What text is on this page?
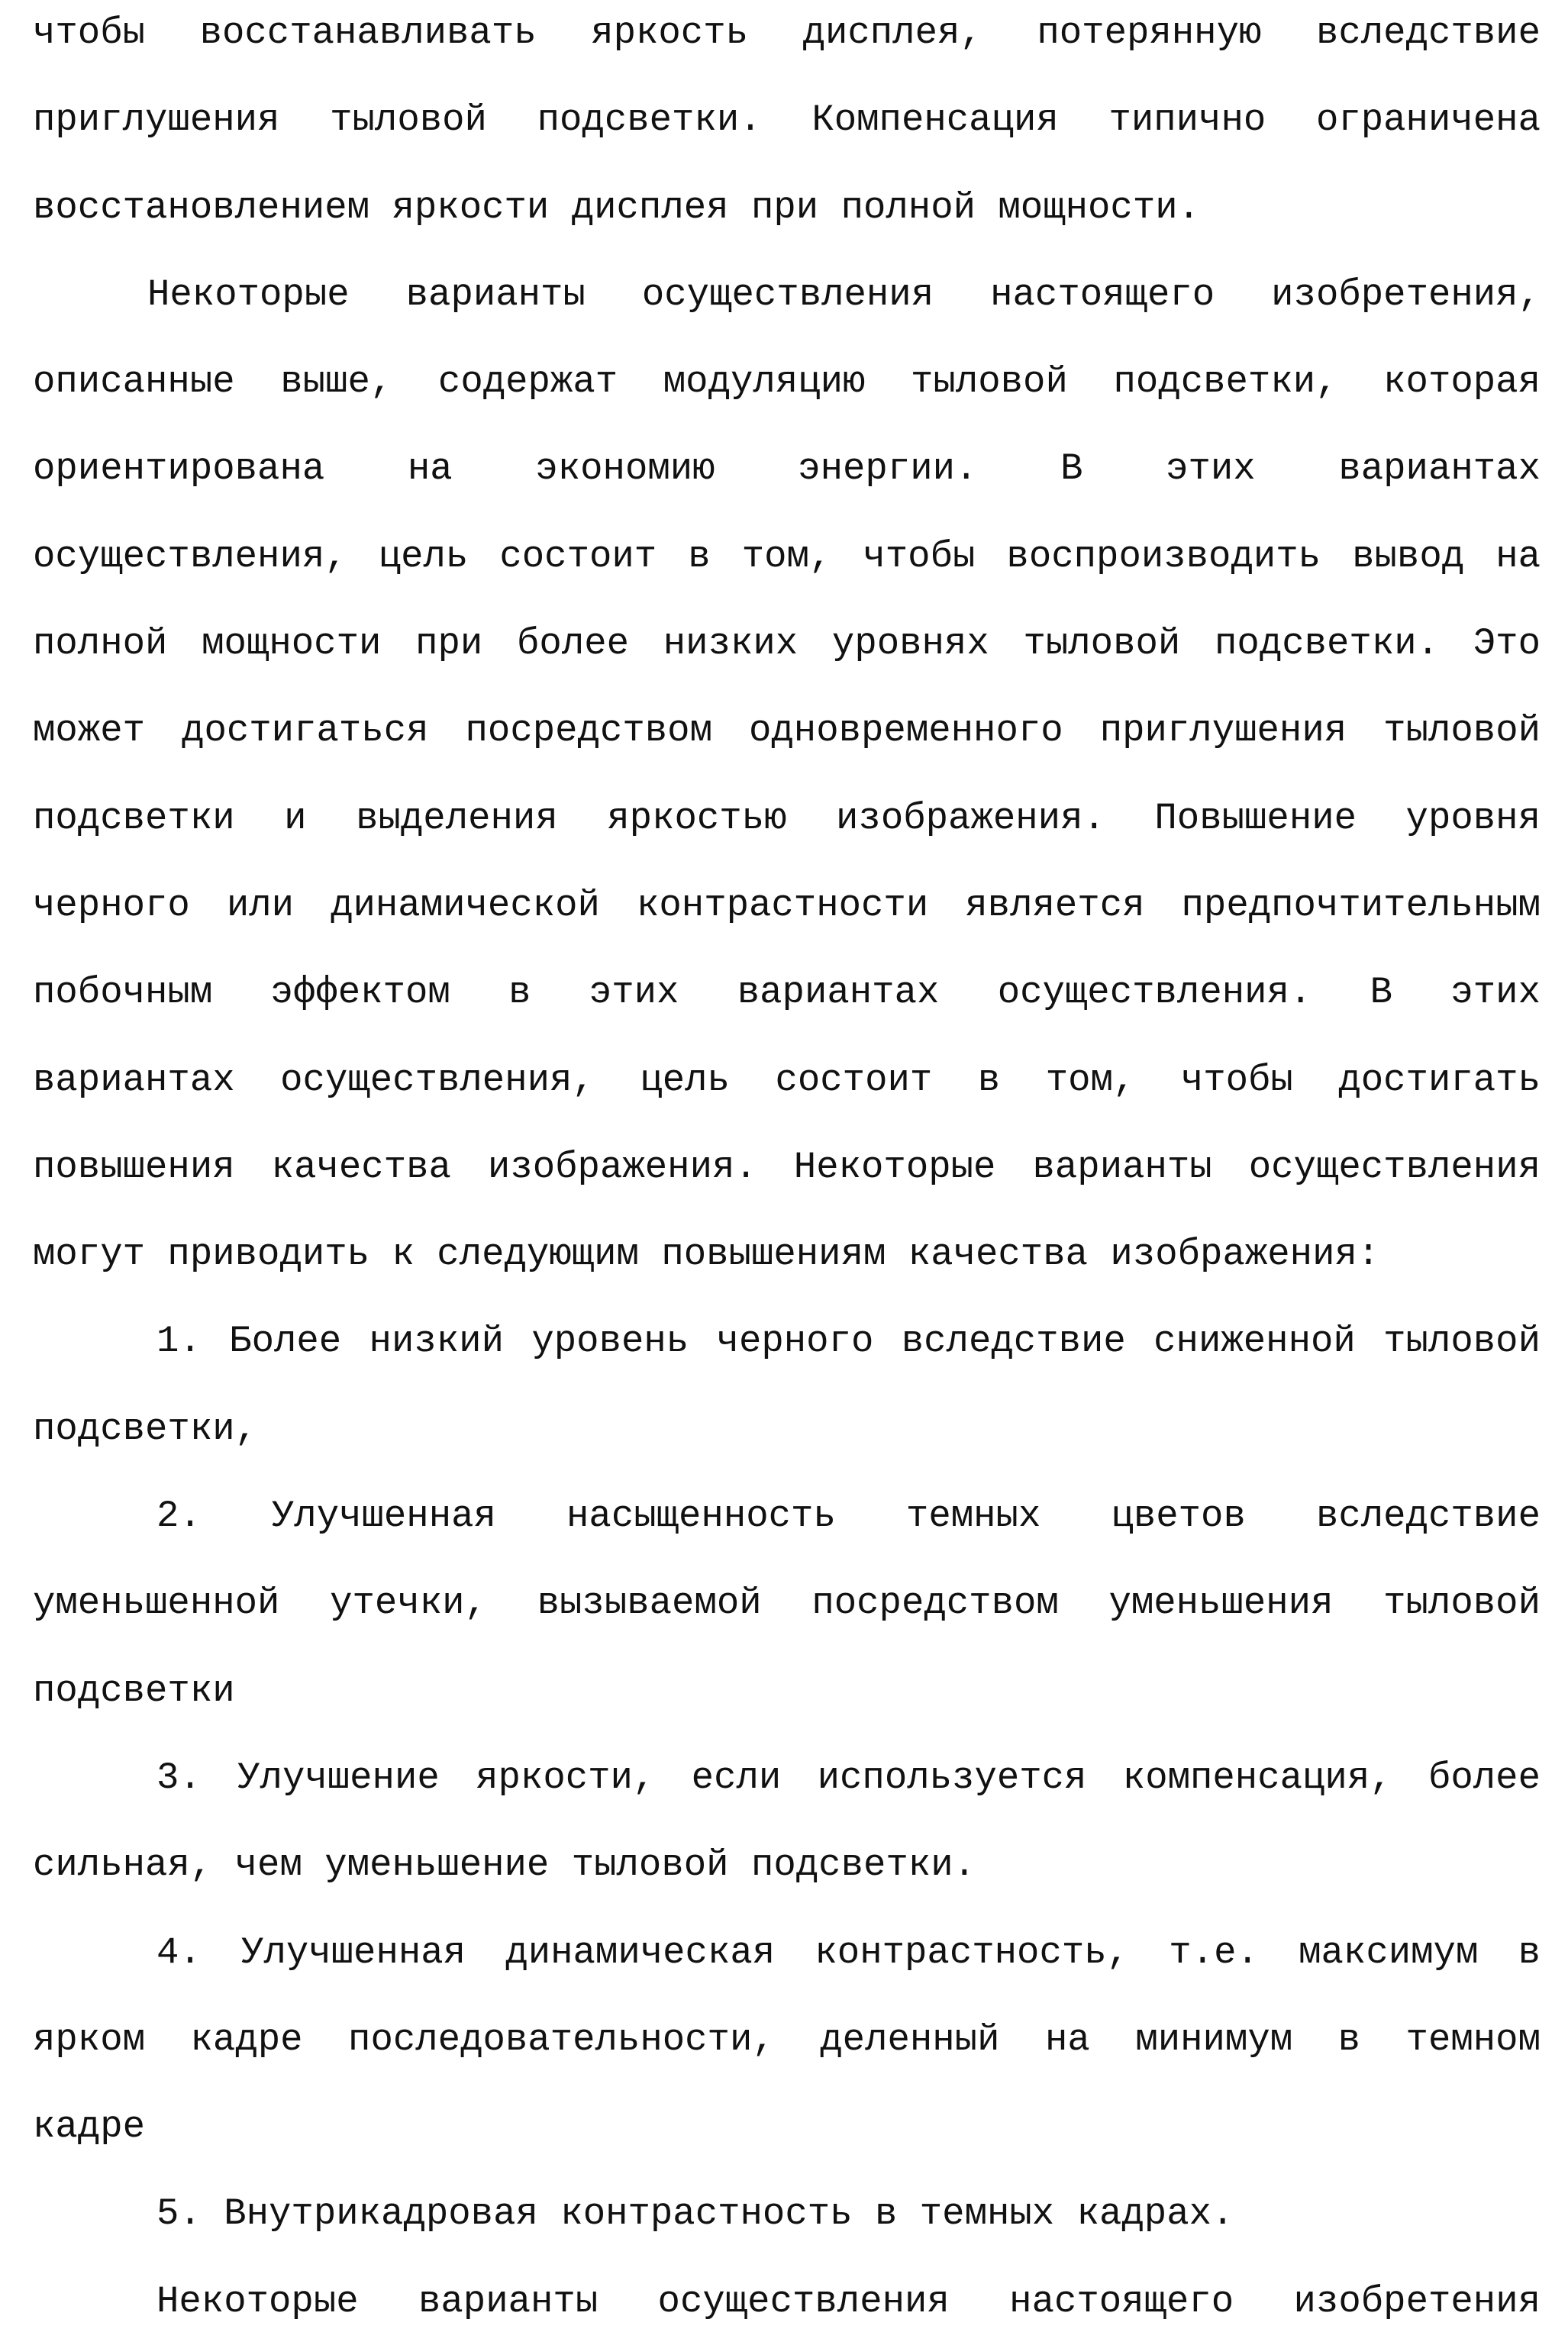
чтобы восстанавливать яркость дисплея, потерянную вследствие
приглушения тыловой подсветки. Компенсация типично ограничена
восстановлением яркости дисплея при полной мощности.
Некоторые варианты осуществления настоящего изобретения,
описанные выше, содержат модуляцию тыловой подсветки, которая
ориентирована на экономию энергии. В этих вариантах
осуществления, цель состоит в том, чтобы воспроизводить вывод на
полной мощности при более низких уровнях тыловой подсветки. Это
может достигаться посредством одновременного приглушения тыловой
подсветки и выделения яркостью изображения. Повышение уровня
черного или динамической контрастности является предпочтительным
побочным эффектом в этих вариантах осуществления. В этих
вариантах осуществления, цель состоит в том, чтобы достигать
повышения качества изображения. Некоторые варианты осуществления
могут приводить к следующим повышениям качества изображения:
1. Более низкий уровень черного вследствие сниженной тыловой
подсветки,
2. Улучшенная насыщенность темных цветов вследствие
уменьшенной утечки, вызываемой посредством уменьшения тыловой
подсветки
3. Улучшение яркости, если используется компенсация, более
сильная, чем уменьшение тыловой подсветки.
4. Улучшенная динамическая контрастность, т.е. максимум в
ярком кадре последовательности, деленный на минимум в темном
кадре
5. Внутрикадровая контрастность в темных кадрах.
Некоторые варианты осуществления настоящего изобретения
